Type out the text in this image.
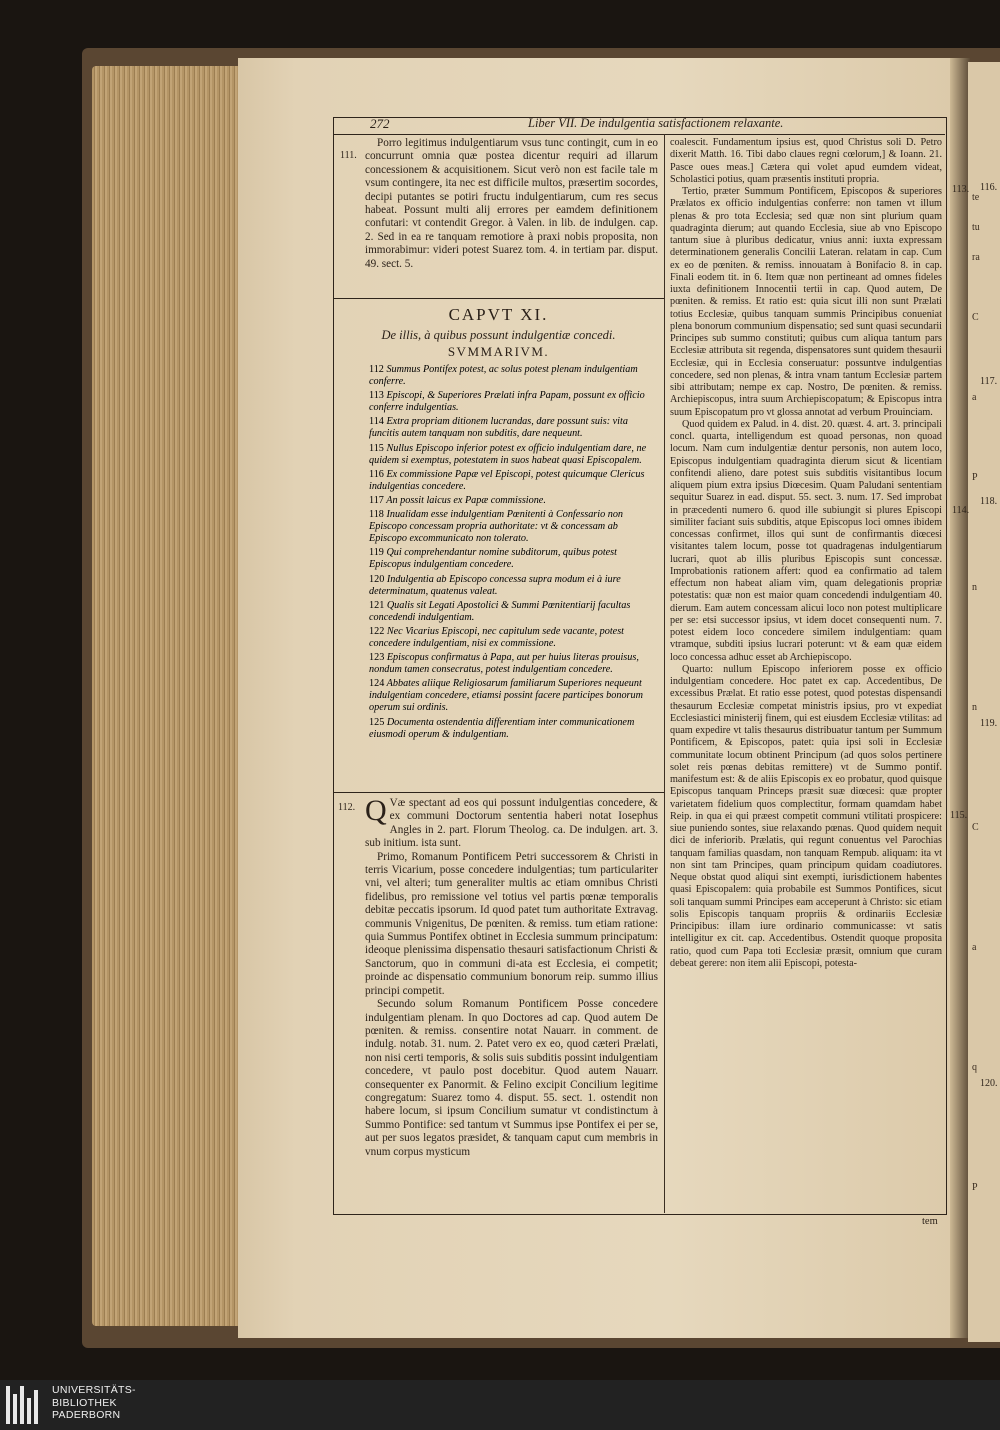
te
tu
ra
C
a
P
n
n
C
a
q
P
272	Liber VII. De indulgentia satisfactionem relaxante.
111.
112.
113.
114.
115.
116.
117.
118.
119.
120.

Porro legitimus indulgentiarum vsus tunc contingit, cum in eo concurrunt omnia quæ postea dicentur requiri ad illarum concessionem & acquisitionem. Sicut verò non est facile tale m vsum contingere, ita nec est difficile multos, præsertim socordes, decipi putantes se potiri fructu indulgentiarum, cum res secus habeat. Possunt multi alij errores per eamdem definitionem confutari: vt contendit Gregor. à Valen. in lib. de indulgen. cap. 2. Sed in ea re tanquam remotiore à praxi nobis proposita, non immorabimur: videri potest Suarez tom. 4. in tertiam par. disput. 49. sect. 5.

CAPVT XI.
De illis, à quibus possunt indulgentiæ concedi.
SVMMARIVM.

112 Summus Pontifex potest, ac solus potest plenam indulgentiam conferre.

113 Episcopi, & Superiores Prælati infra Papam, possunt ex officio conferre indulgentias.

114 Extra propriam ditionem lucrandas, dare possunt suis: vita funcitis autem tanquam non subditis, dare nequeunt.

115 Nullus Episcopo inferior potest ex officio indulgentiam dare, ne quidem si exemptus, potestatem in suos habeat quasi Episcopalem.

116 Ex commissione Papæ vel Episcopi, potest quicumque Clericus indulgentias concedere.

117 An possit laicus ex Papæ commissione.

118 Inualidam esse indulgentiam Pœnitenti à Confessario non Episcopo concessam propria authoritate: vt & concessam ab Episcopo excommunicato non tolerato.

119 Qui comprehendantur nomine subditorum, quibus potest Episcopus indulgentiam concedere.

120 Indulgentia ab Episcopo concessa supra modum ei à iure determinatum, quatenus valeat.

121 Qualis sit Legati Apostolici & Summi Pœnitentiarij facultas concedendi indulgentiam.

122 Nec Vicarius Episcopi, nec capitulum sede vacante, potest concedere indulgentiam, nisi ex commissione.

123 Episcopus confirmatus à Papa, aut per huius literas prouisus, nondum tamen consecratus, potest indulgentiam concedere.

124 Abbates aliique Religiosarum familiarum Superiores nequeunt indulgentiam concedere, etiamsi possint facere participes bonorum operum sui ordinis.

125 Documenta ostendentia differentiam inter communicationem eiusmodi operum & indulgentiam.

Q Væ spectant ad eos qui possunt indulgentias concedere, & ex communi Doctorum sententia haberi notat Iosephus Angles in 2. part. Florum Theolog. ca. De indulgen. art. 3. sub initium. ista sunt.

Primo, Romanum Pontificem Petri successorem & Christi in terris Vicarium, posse concedere indulgentias; tum particulariter vni, vel alteri; tum generaliter multis ac etiam omnibus Christi fidelibus, pro remissione vel totius vel partis pœnæ temporalis debitæ peccatis ipsorum. Id quod patet tum authoritate Extravag. communis Vnigenitus, De pœniten. & remiss. tum etiam ratione: quia Summus Pontifex obtinet in Ecclesia summum principatum: ideoque plenissima dispensatio thesauri satisfactionum Christi & Sanctorum, quo in communi di-ata est Ecclesia, ei competit; proinde ac dispensatio communium bonorum reip. summo illius principi competit.

Secundo solum Romanum Pontificem Posse concedere indulgentiam plenam. In quo Doctores ad cap. Quod autem De pœniten. & remiss. consentire notat Nauarr. in comment. de indulg. notab. 31. num. 2. Patet vero ex eo, quod cæteri Prælati, non nisi certi temporis, & solis suis subditis possint indulgentiam concedere, vt paulo post docebitur. Quod autem Nauarr. consequenter ex Panormit. & Felino excipit Concilium legitime congregatum: Suarez tomo 4. disput. 55. sect. 1. ostendit non habere locum, si ipsum Concilium sumatur vt condistinctum à Summo Pontifice: sed tantum vt Summus ipse Pontifex ei per se, aut per suos legatos præsidet, & tanquam caput cum membris in vnum corpus mysticum

coalescit. Fundamentum ipsius est, quod Christus soli D. Petro dixerit Matth. 16. Tibi dabo claues regni cœlorum,] & Ioann. 21. Pasce oues meas.] Cætera qui volet apud eumdem videat, Scholastici potius, quam præsentis instituti propria.

Tertio, præter Summum Pontificem, Episcopos & superiores Prælatos ex officio indulgentias conferre: non tamen vt illum plenas & pro tota Ecclesia; sed quæ non sint plurium quam quadraginta dierum; aut quando Ecclesia, siue ab vno Episcopo tantum siue à pluribus dedicatur, vnius anni: iuxta expressam determinationem generalis Concilii Lateran. relatam in cap. Cum ex eo de pœniten. & remiss. innouatam à Bonifacio 8. in cap. Finali eodem tit. in 6. Item quæ non pertineant ad omnes fideles iuxta definitionem Innocentii tertii in cap. Quod autem, De pœniten. & remiss. Et ratio est: quia sicut illi non sunt Prælati totius Ecclesiæ, quibus tanquam summis Principibus conueniat plena bonorum communium dispensatio; sed sunt quasi secundarii Principes sub summo constituti; quibus cum aliqua tantum pars Ecclesiæ attributa sit regenda, dispensatores sunt quidem thesaurii Ecclesiæ, qui in Ecclesia conseruatur: possuntve indulgentias concedere, sed non plenas, & intra vnam tantum Ecclesiæ partem sibi attributam; nempe ex cap. Nostro, De pœniten. & remiss. Archiepiscopus, intra suum Archiepiscopatum; & Episcopus intra suum Episcopatum pro vt glossa annotat ad verbum Prouinciam.

Quod quidem ex Palud. in 4. dist. 20. quæst. 4. art. 3. principali concl. quarta, intelligendum est quoad personas, non quoad locum. Nam cum indulgentiæ dentur personis, non autem loco, Episcopus indulgentiam quadraginta dierum sicut & licentiam confitendi alieno, dare potest suis subditis visitantibus locum aliquem pium extra ipsius Diœcesim. Quam Paludani sententiam sequitur Suarez in ead. disput. 55. sect. 3. num. 17. Sed improbat in præcedenti numero 6. quod ille subiungit si plures Episcopi similiter faciant suis subditis, atque Episcopus loci omnes ibidem concessas confirmet, illos qui sunt de confirmantis diœcesi visitantes talem locum, posse tot quadragenas indulgentiarum lucrari, quot ab illis pluribus Episcopis sunt concessæ. Improbationis rationem affert: quod ea confirmatio ad talem effectum non habeat aliam vim, quam delegationis propriæ potestatis: quæ non est maior quam concedendi indulgentiam 40. dierum. Eam autem concessam alicui loco non potest multiplicare per se: etsi successor ipsius, vt idem docet consequenti num. 7. potest eidem loco concedere similem indulgentiam: quam vtramque, subditi ipsius lucrari poterunt: vt & eam quæ eidem loco concessa adhuc esset ab Archiepiscopo.

Quarto: nullum Episcopo inferiorem posse ex officio indulgentiam concedere. Hoc patet ex cap. Accedentibus, De excessibus Prælat. Et ratio esse potest, quod potestas dispensandi thesaurum Ecclesiæ competat ministris ipsius, pro vt expediat Ecclesiastici ministerij finem, qui est eiusdem Ecclesiæ vtilitas: ad quam expedire vt talis thesaurus distribuatur tantum per Summum Pontificem, & Episcopos, patet: quia ipsi soli in Ecclesiæ communitate locum obtinent Principum (ad quos solos pertinere solet reis pœnas debitas remittere) vt de Summo pontif. manifestum est: & de aliis Episcopis ex eo probatur, quod quisque Episcopus tanquam Princeps præsit suæ diœcesi: quæ propter varietatem fidelium quos complectitur, formam quamdam habet Reip. in qua ei qui præest competit communi vtilitati prospicere: siue puniendo sontes, siue relaxando pœnas. Quod quidem nequit dici de inferiorib. Prælatis, qui regunt conuentus vel Parochias tanquam familias quasdam, non tanquam Rempub. aliquam: ita vt non sint tam Principes, quam principum quidam coadiutores. Neque obstat quod aliqui sint exempti, iurisdictionem habentes quasi Episcopalem: quia probabile est Summos Pontifices, sicut soli tanquam summi Principes eam acceperunt à Christo: sic etiam solis Episcopis tanquam propriis & ordinariis Ecclesiæ Principibus: illam iure ordinario communicasse: vt satis intelligitur ex cit. cap. Accedentibus. Ostendit quoque proposita ratio, quod cum Papa toti Ecclesiæ præsit, omnium que curam debeat gerere: non item alii Episcopi, potesta-

tem
UNIVERSITÄTS-
BIBLIOTHEK
PADERBORN
